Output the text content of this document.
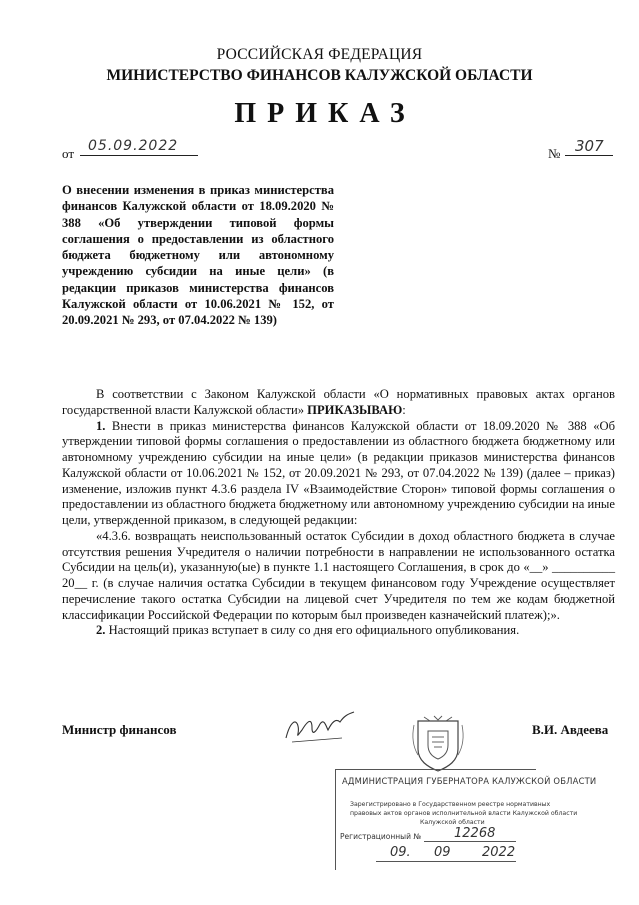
РОССИЙСКАЯ ФЕДЕРАЦИЯ
МИНИСТЕРСТВО ФИНАНСОВ КАЛУЖСКОЙ ОБЛАСТИ
ПРИКАЗ
от 05.09.2022	№ 307
О внесении изменения в приказ министерства финансов Калужской области от 18.09.2020 № 388 «Об утверждении типовой формы соглашения о предоставлении из областного бюджета бюджетному или автономному учреждению субсидии на иные цели» (в редакции приказов министерства финансов Калужской области от 10.06.2021 № 152, от 20.09.2021 № 293, от 07.04.2022 № 139)

В соответствии с Законом Калужской области «О нормативных правовых актах органов государственной власти Калужской области» ПРИКАЗЫВАЮ:

1. Внести в приказ министерства финансов Калужской области от 18.09.2020 № 388 «Об утверждении типовой формы соглашения о предоставлении из областного бюджета бюджетному или автономному учреждению субсидии на иные цели» (в редакции приказов министерства финансов Калужской области от 10.06.2021 № 152, от 20.09.2021 № 293, от 07.04.2022 № 139) (далее – приказ) изменение, изложив пункт 4.3.6 раздела IV «Взаимодействие Сторон» типовой формы соглашения о предоставлении из областного бюджета бюджетному или автономному учреждению субсидии на иные цели, утвержденной приказом, в следующей редакции:

«4.3.6. возвращать неиспользованный остаток Субсидии в доход областного бюджета в случае отсутствия решения Учредителя о наличии потребности в направлении не использованного остатка Субсидии на цель(и), указанную(ые) в пункте 1.1 настоящего Соглашения, в срок до «__» __________ 20__ г. (в случае наличия остатка Субсидии в текущем финансовом году Учреждение осуществляет перечисление такого остатка Субсидии на лицевой счет Учредителя по тем же кодам бюджетной классификации Российской Федерации по которым был произведен казначейский платеж);».

2. Настоящий приказ вступает в силу со дня его официального опубликования.

Министр финансов	В.И. Авдеева
АДМИНИСТРАЦИЯ ГУБЕРНАТОРА КАЛУЖСКОЙ ОБЛАСТИ
Зарегистрировано в Государственном реестре нормативных
правовых актов органов исполнительной власти Калужской области
Калужской области
Регистрационный №	12268
09. 09 2022
